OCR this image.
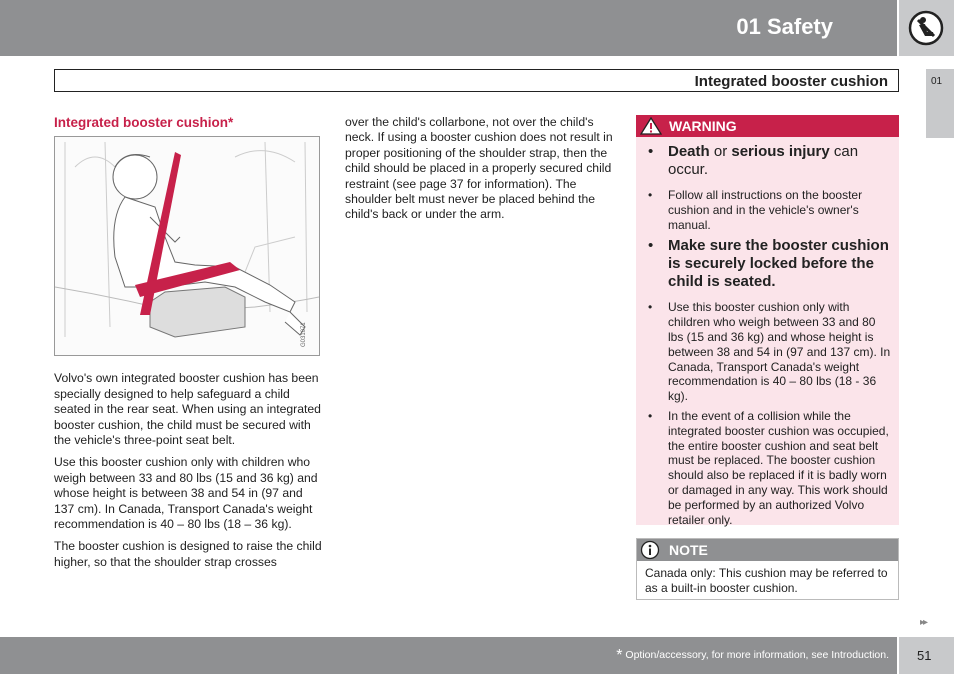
01 Safety
Integrated booster cushion	01
Integrated booster cushion*
G031071

Volvo's own integrated booster cushion has been specially designed to help safeguard a child seated in the rear seat. When using an integrated booster cushion, the child must be secured with the vehicle's three-point seat belt.

Use this booster cushion only with children who weigh between 33 and 80 lbs (15 and 36 kg) and whose height is between 38 and 54 in (97 and 137 cm). In Canada, Transport Canada's weight recommendation is 40 – 80 lbs (18 – 36 kg).

The booster cushion is designed to raise the child higher, so that the shoulder strap crosses

over the child's collarbone, not over the child's neck. If using a booster cushion does not result in proper positioning of the shoulder strap, then the child should be placed in a properly secured child restraint (see page 37 for information). The shoulder belt must never be placed behind the child's back or under the arm.

WARNING
• Death or serious injury can occur.
• Follow all instructions on the booster cushion and in the vehicle's owner's manual.
• Make sure the booster cushion is securely locked before the child is seated.
• Use this booster cushion only with children who weigh between 33 and 80 lbs (15 and 36 kg) and whose height is between 38 and 54 in (97 and 137 cm). In Canada, Transport Canada's weight recommendation is 40 – 80 lbs (18 - 36 kg).
• In the event of a collision while the integrated booster cushion was occupied, the entire booster cushion and seat belt must be replaced. The booster cushion should also be replaced if it is badly worn or damaged in any way. This work should be performed by an authorized Volvo retailer only.
NOTE
Canada only: This cushion may be referred to as a built-in booster cushion.
▸▸
* Option/accessory, for more information, see Introduction. 51
